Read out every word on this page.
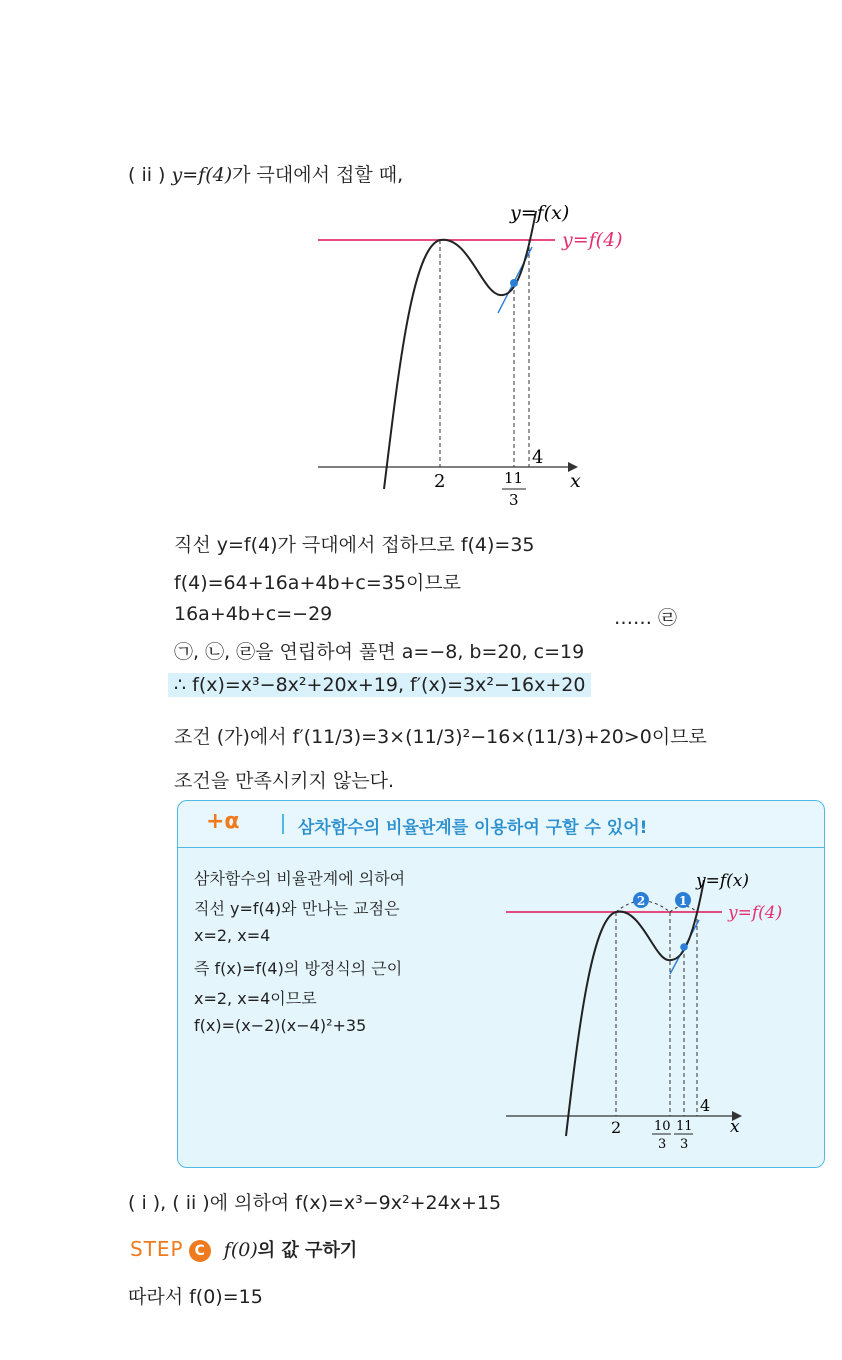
( ii ) y=f(4)가 극대에서 접할 때,
y=f(x)
y=f(4)
x
2	11
3
4
직선 y=f(4)가 극대에서 접하므로 f(4)=35
f(4)=64+16a+4b+c=35이므로
16a+4b+c=−29	…… ㉣
㉠, ㉡, ㉣을 연립하여 풀면 a=−8, b=20, c=19
∴ f(x)=x³−8x²+20x+19, f′(x)=3x²−16x+20
조건 (가)에서 f′(11/3)=3×(11/3)²−16×(11/3)+20>0이므로
조건을 만족시키지 않는다.
+α	삼차함수의 비율관계를 이용하여 구할 수 있어!
삼차함수의 비율관계에 의하여
직선 y=f(4)와 만나는 교점은
x=2, x=4
즉 f(x)=f(4)의 방정식의 근이
x=2, x=4이므로
f(x)=(x−2)(x−4)²+35
2	1
y=f(x)
y=f(4)
x
2	10
3
11
3
4
( i ), ( ii )에 의하여 f(x)=x³−9x²+24x+15
STEP C f(0)의 값 구하기
따라서 f(0)=15
